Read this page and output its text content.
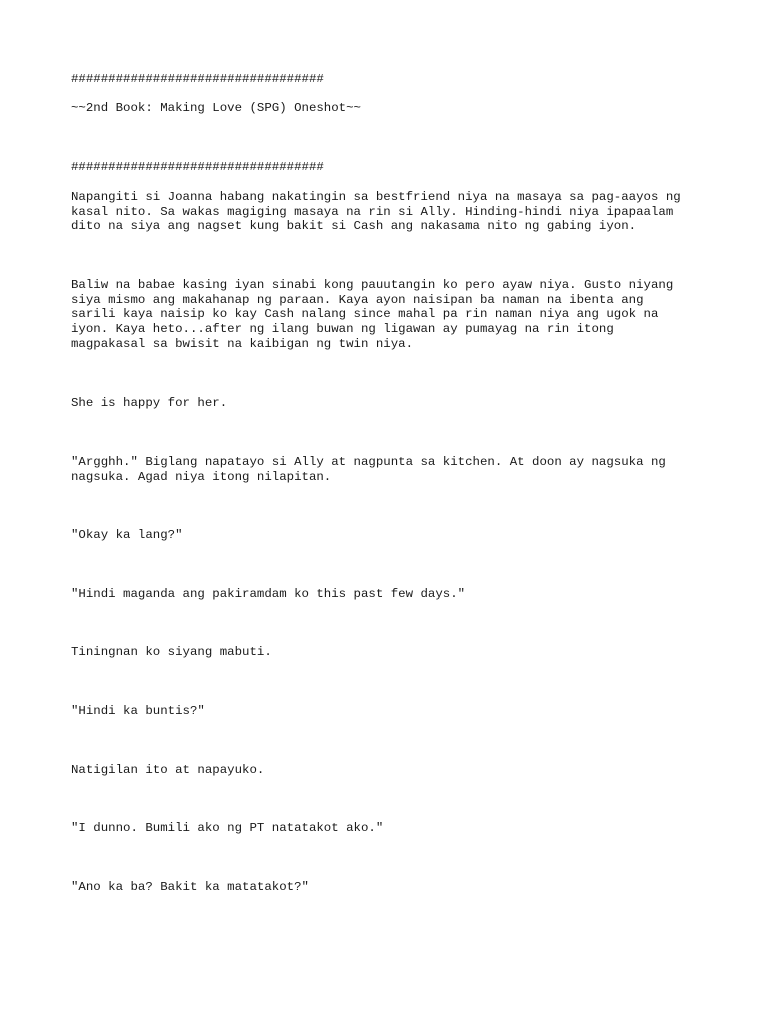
##################################

~~2nd Book: Making Love (SPG) Oneshot~~

##################################

Napangiti si Joanna habang nakatingin sa bestfriend niya na masaya sa pag-aayos ng
kasal nito. Sa wakas magiging masaya na rin si Ally. Hinding-hindi niya ipapaalam
dito na siya ang nagset kung bakit si Cash ang nakasama nito ng gabing iyon.

Baliw na babae kasing iyan sinabi kong pauutangin ko pero ayaw niya. Gusto niyang
siya mismo ang makahanap ng paraan. Kaya ayon naisipan ba naman na ibenta ang
sarili kaya naisip ko kay Cash nalang since mahal pa rin naman niya ang ugok na
iyon. Kaya heto...after ng ilang buwan ng ligawan ay pumayag na rin itong
magpakasal sa bwisit na kaibigan ng twin niya.

She is happy for her.

"Argghh." Biglang napatayo si Ally at nagpunta sa kitchen. At doon ay nagsuka ng
nagsuka. Agad niya itong nilapitan.

"Okay ka lang?"

"Hindi maganda ang pakiramdam ko this past few days."

Tiningnan ko siyang mabuti.

"Hindi ka buntis?"

Natigilan ito at napayuko.

"I dunno. Bumili ako ng PT natatakot ako."

"Ano ka ba? Bakit ka matatakot?"
